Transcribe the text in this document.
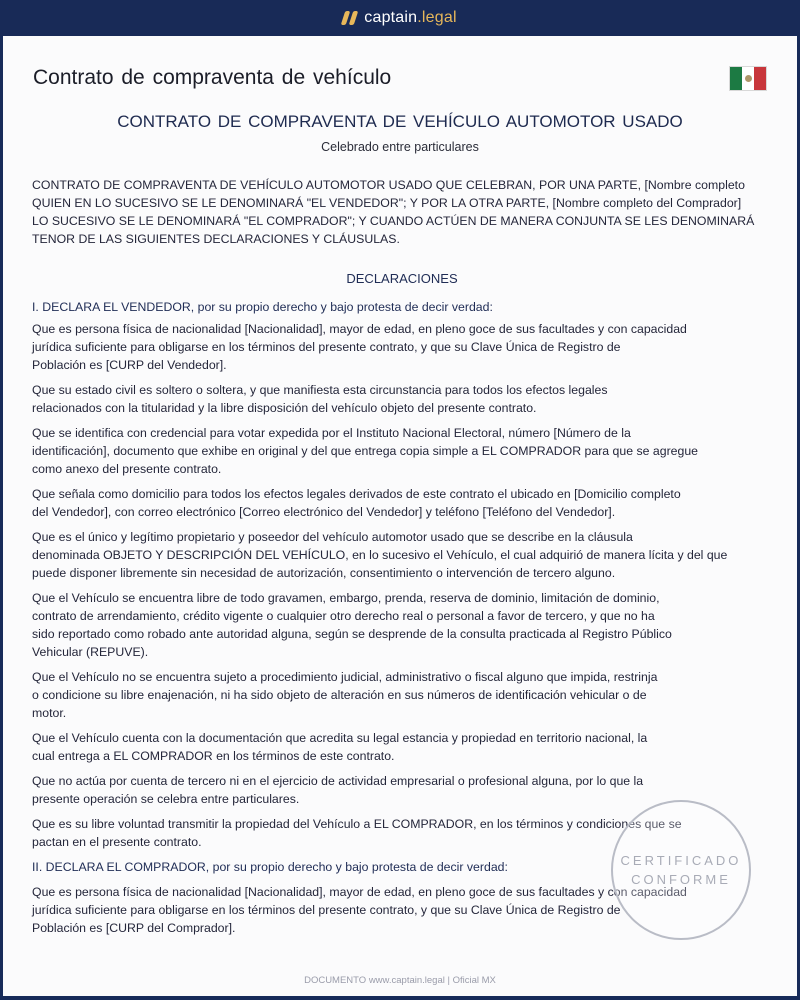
captain.legal
Contrato de compraventa de vehículo
CONTRATO DE COMPRAVENTA DE VEHÍCULO AUTOMOTOR USADO
Celebrado entre particulares
CONTRATO DE COMPRAVENTA DE VEHÍCULO AUTOMOTOR USADO QUE CELEBRAN, POR UNA PARTE, [Nombre completo
QUIEN EN LO SUCESIVO SE LE DENOMINARÁ "EL VENDEDOR"; Y POR LA OTRA PARTE, [Nombre completo del Comprador]
LO SUCESIVO SE LE DENOMINARÁ "EL COMPRADOR"; Y CUANDO ACTÚEN DE MANERA CONJUNTA SE LES DENOMINARÁ
TENOR DE LAS SIGUIENTES DECLARACIONES Y CLÁUSULAS.
DECLARACIONES
I. DECLARA EL VENDEDOR, por su propio derecho y bajo protesta de decir verdad:
Que es persona física de nacionalidad [Nacionalidad], mayor de edad, en pleno goce de sus facultades y con capacidad
jurídica suficiente para obligarse en los términos del presente contrato, y que su Clave Única de Registro de
Población es [CURP del Vendedor].
Que su estado civil es soltero o soltera, y que manifiesta esta circunstancia para todos los efectos legales
relacionados con la titularidad y la libre disposición del vehículo objeto del presente contrato.
Que se identifica con credencial para votar expedida por el Instituto Nacional Electoral, número [Número de la
identificación], documento que exhibe en original y del que entrega copia simple a EL COMPRADOR para que se agregue
como anexo del presente contrato.
Que señala como domicilio para todos los efectos legales derivados de este contrato el ubicado en [Domicilio completo
del Vendedor], con correo electrónico [Correo electrónico del Vendedor] y teléfono [Teléfono del Vendedor].
Que es el único y legítimo propietario y poseedor del vehículo automotor usado que se describe en la cláusula
denominada OBJETO Y DESCRIPCIÓN DEL VEHÍCULO, en lo sucesivo el Vehículo, el cual adquirió de manera lícita y del que
puede disponer libremente sin necesidad de autorización, consentimiento o intervención de tercero alguno.
Que el Vehículo se encuentra libre de todo gravamen, embargo, prenda, reserva de dominio, limitación de dominio,
contrato de arrendamiento, crédito vigente o cualquier otro derecho real o personal a favor de tercero, y que no ha
sido reportado como robado ante autoridad alguna, según se desprende de la consulta practicada al Registro Público
Vehicular (REPUVE).
Que el Vehículo no se encuentra sujeto a procedimiento judicial, administrativo o fiscal alguno que impida, restrinja
o condicione su libre enajenación, ni ha sido objeto de alteración en sus números de identificación vehicular o de
motor.
Que el Vehículo cuenta con la documentación que acredita su legal estancia y propiedad en territorio nacional, la
cual entrega a EL COMPRADOR en los términos de este contrato.
Que no actúa por cuenta de tercero ni en el ejercicio de actividad empresarial o profesional alguna, por lo que la
presente operación se celebra entre particulares.
Que es su libre voluntad transmitir la propiedad del Vehículo a EL COMPRADOR, en los términos y condiciones que se
pactan en el presente contrato.
II. DECLARA EL COMPRADOR, por su propio derecho y bajo protesta de decir verdad:
Que es persona física de nacionalidad [Nacionalidad], mayor de edad, en pleno goce de sus facultades y con capacidad
jurídica suficiente para obligarse en los términos del presente contrato, y que su Clave Única de Registro de
Población es [CURP del Comprador].
CERTIFICADO
CONFORME
DOCUMENTO www.captain.legal | Oficial MX
